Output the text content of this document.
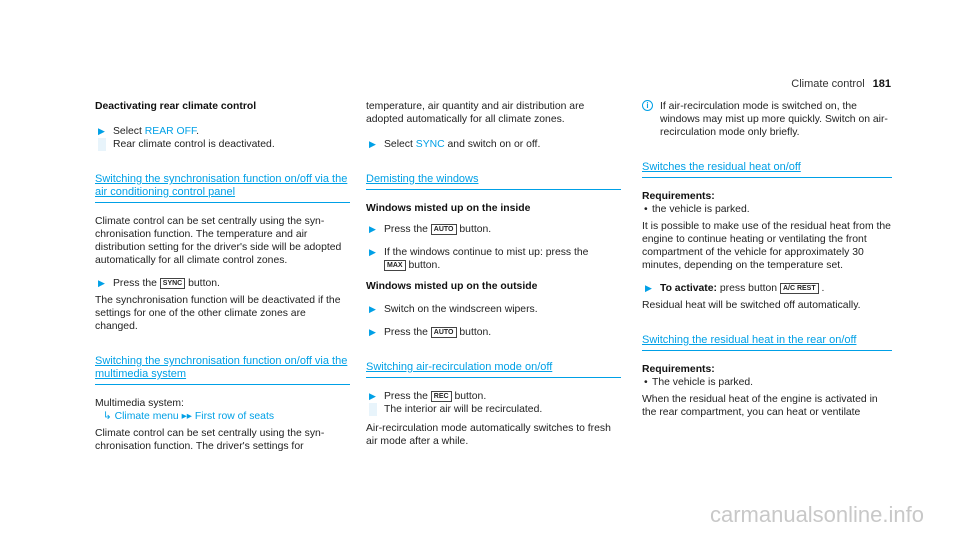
Climate control 181
Deactivating rear climate control
▶ Select REAR OFF.
Rear climate control is deactivated.
Switching the synchronisation function on/off via the air conditioning control panel
Climate control can be set centrally using the synchronisation function. The temperature and air distribution setting for the driver's side will be adopted automatically for all climate control zones.
▶ Press the SYNC button.
The synchronisation function will be deactivated if the settings for one of the other climate zones are changed.
Switching the synchronisation function on/off via the multimedia system
Multimedia system:
↳ Climate menu ▸▸ First row of seats
Climate control can be set centrally using the synchronisation function. The driver's settings for
temperature, air quantity and air distribution are adopted automatically for all climate zones.
▶ Select SYNC and switch on or off.
Demisting the windows
Windows misted up on the inside
▶ Press the AUTO button.
▶ If the windows continue to mist up: press the
MAX button.
Windows misted up on the outside
▶ Switch on the windscreen wipers.
▶ Press the AUTO button.
Switching air-recirculation mode on/off
▶ Press the REC button.
The interior air will be recirculated.
Air-recirculation mode automatically switches to fresh air mode after a while.
i	If air-recirculation mode is switched on, the windows may mist up more quickly. Switch on air-recirculation mode only briefly.
Switches the residual heat on/off
Requirements:
• the vehicle is parked.
It is possible to make use of the residual heat from the engine to continue heating or ventilating the front compartment of the vehicle for approximately 30 minutes, depending on the temperature set.
▶ To activate: press button A/C REST .
Residual heat will be switched off automatically.
Switching the residual heat in the rear on/off
Requirements:
• The vehicle is parked.
When the residual heat of the engine is activated in the rear compartment, you can heat or ventilate
carmanualsonline.info
